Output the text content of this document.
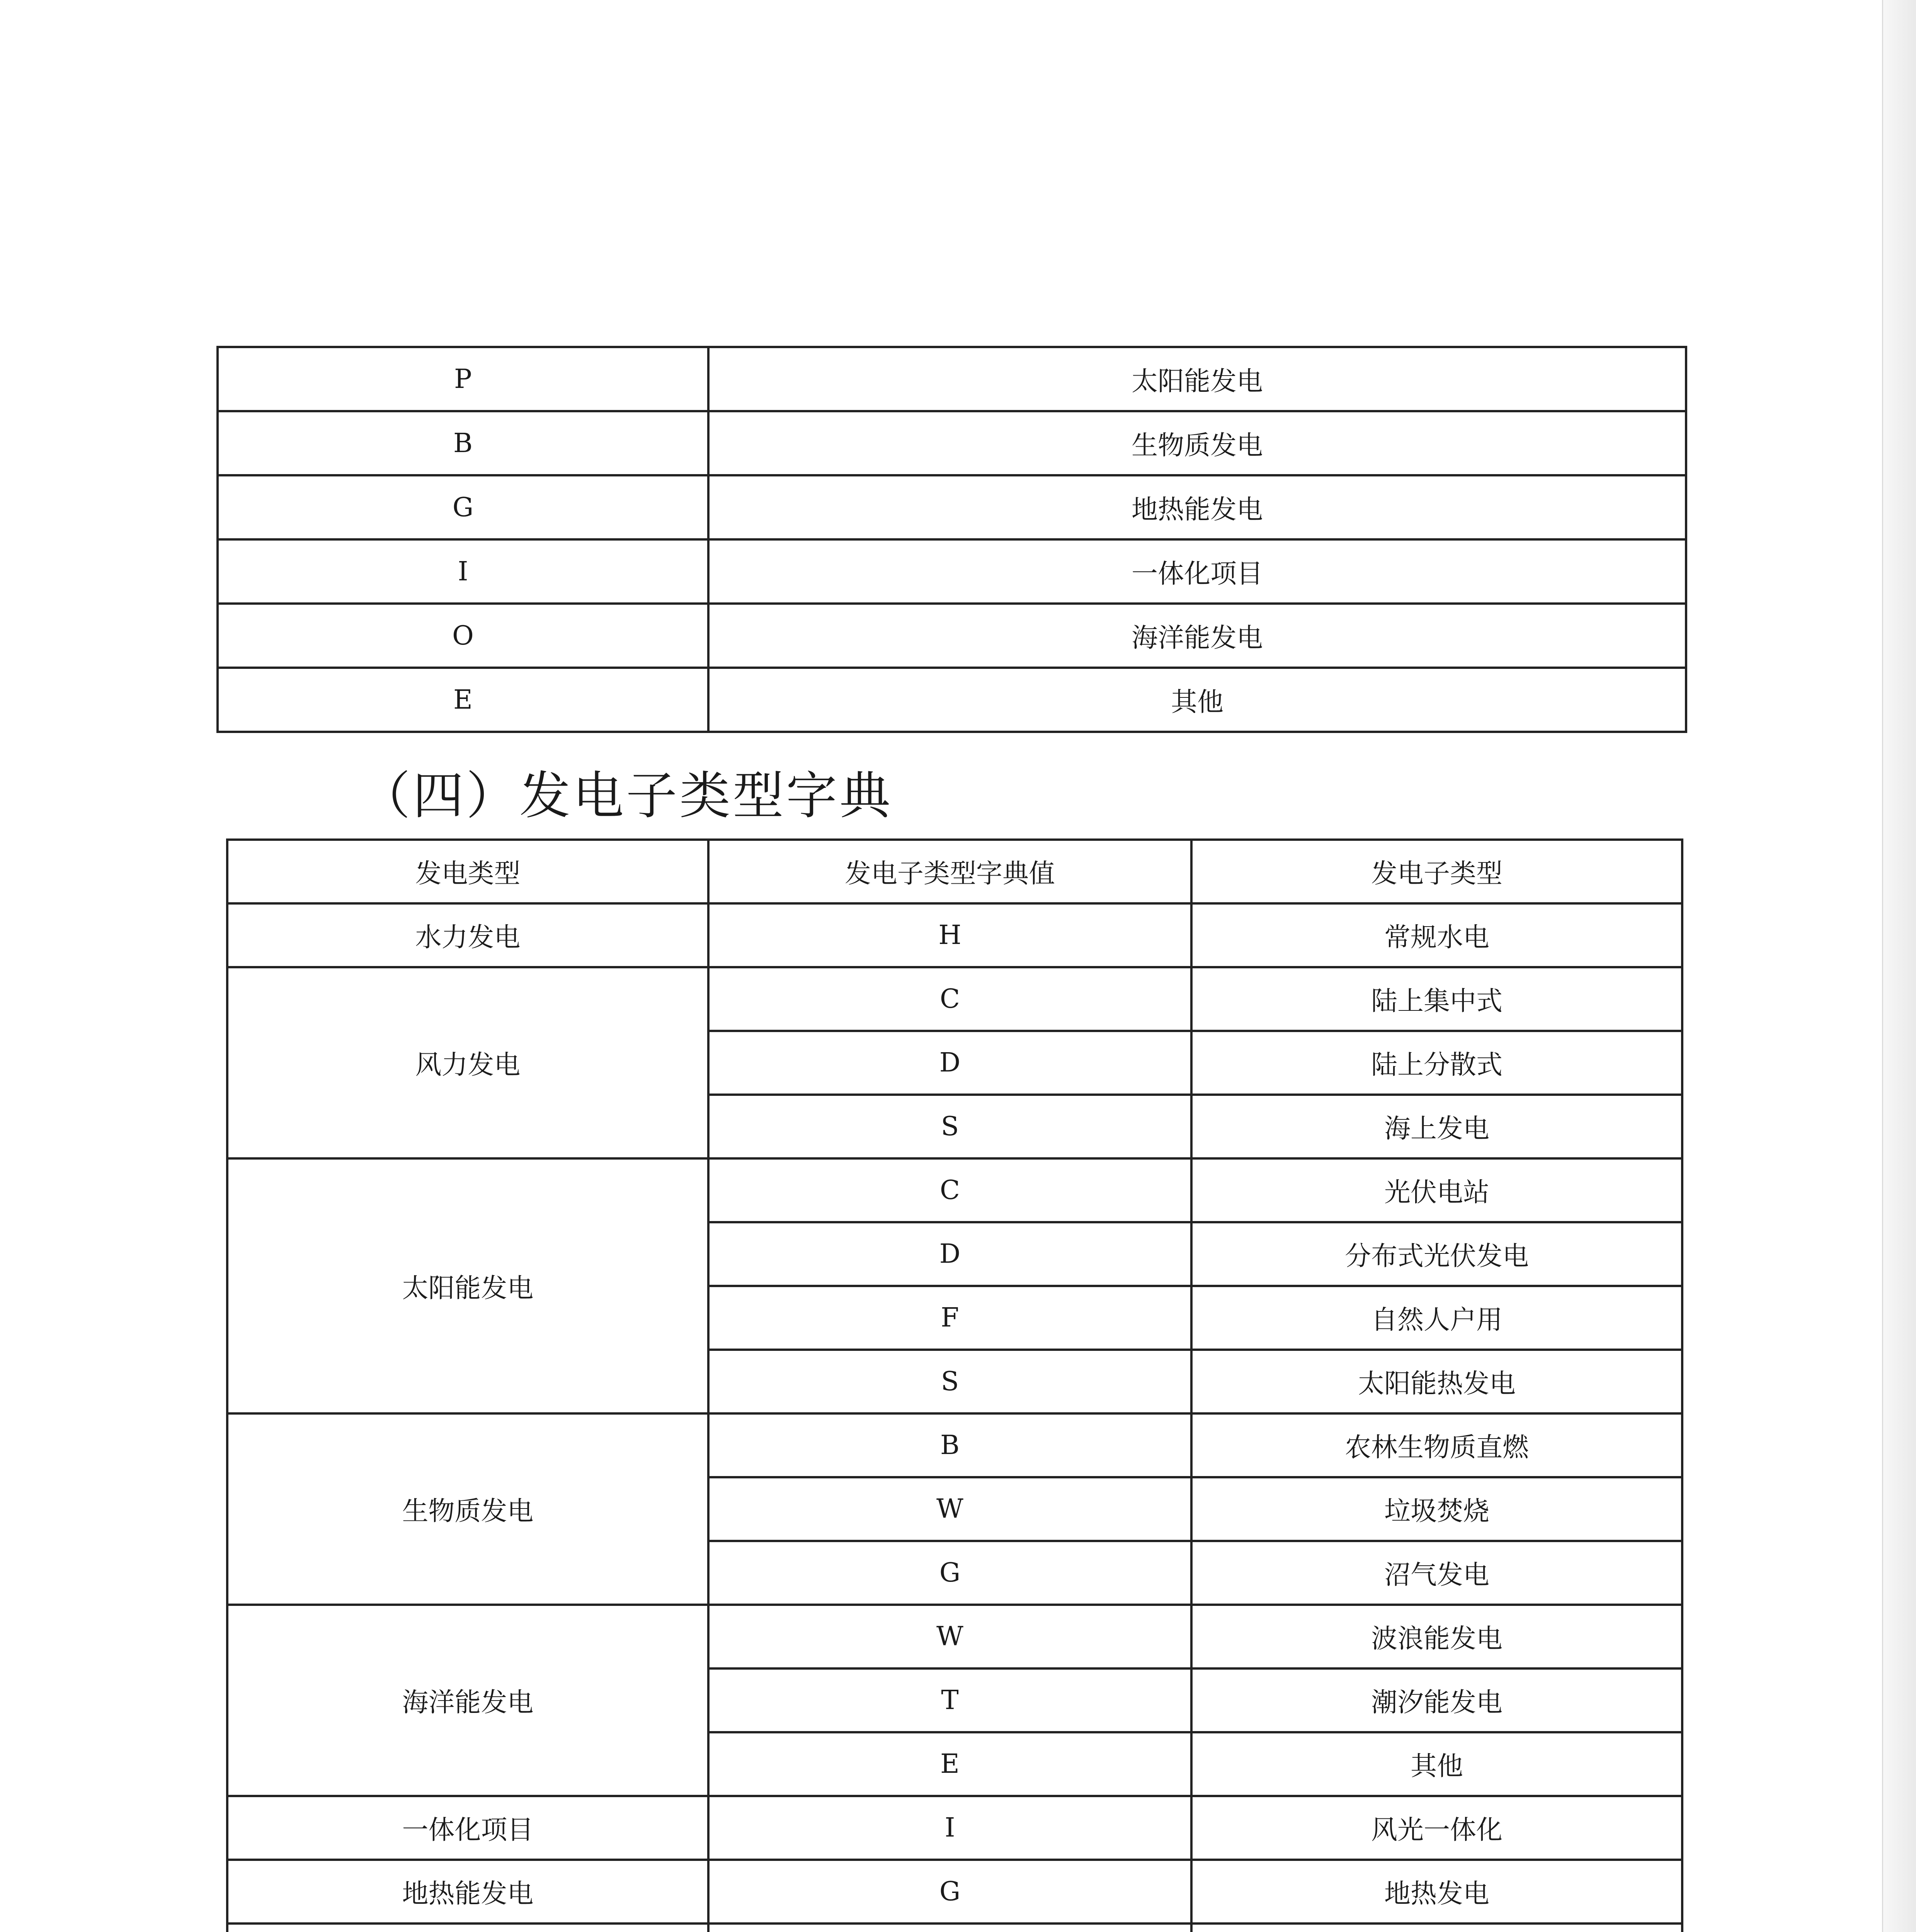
P	太阳能发电
B	生物质发电
G	地热能发电
I	一体化项目
O	海洋能发电
E	其他
（四）发电子类型字典
发电类型	发电子类型字典值	发电子类型
水力发电	H	常规水电
风力发电	C	陆上集中式
	D	陆上分散式
	S	海上发电
太阳能发电	C	光伏电站
	D	分布式光伏发电
	F	自然人户用
	S	太阳能热发电
生物质发电	B	农林生物质直燃
	W	垃圾焚烧
	G	沼气发电
海洋能发电	W	波浪能发电
	T	潮汐能发电
	E	其他
一体化项目	I	风光一体化
地热能发电	G	地热发电
